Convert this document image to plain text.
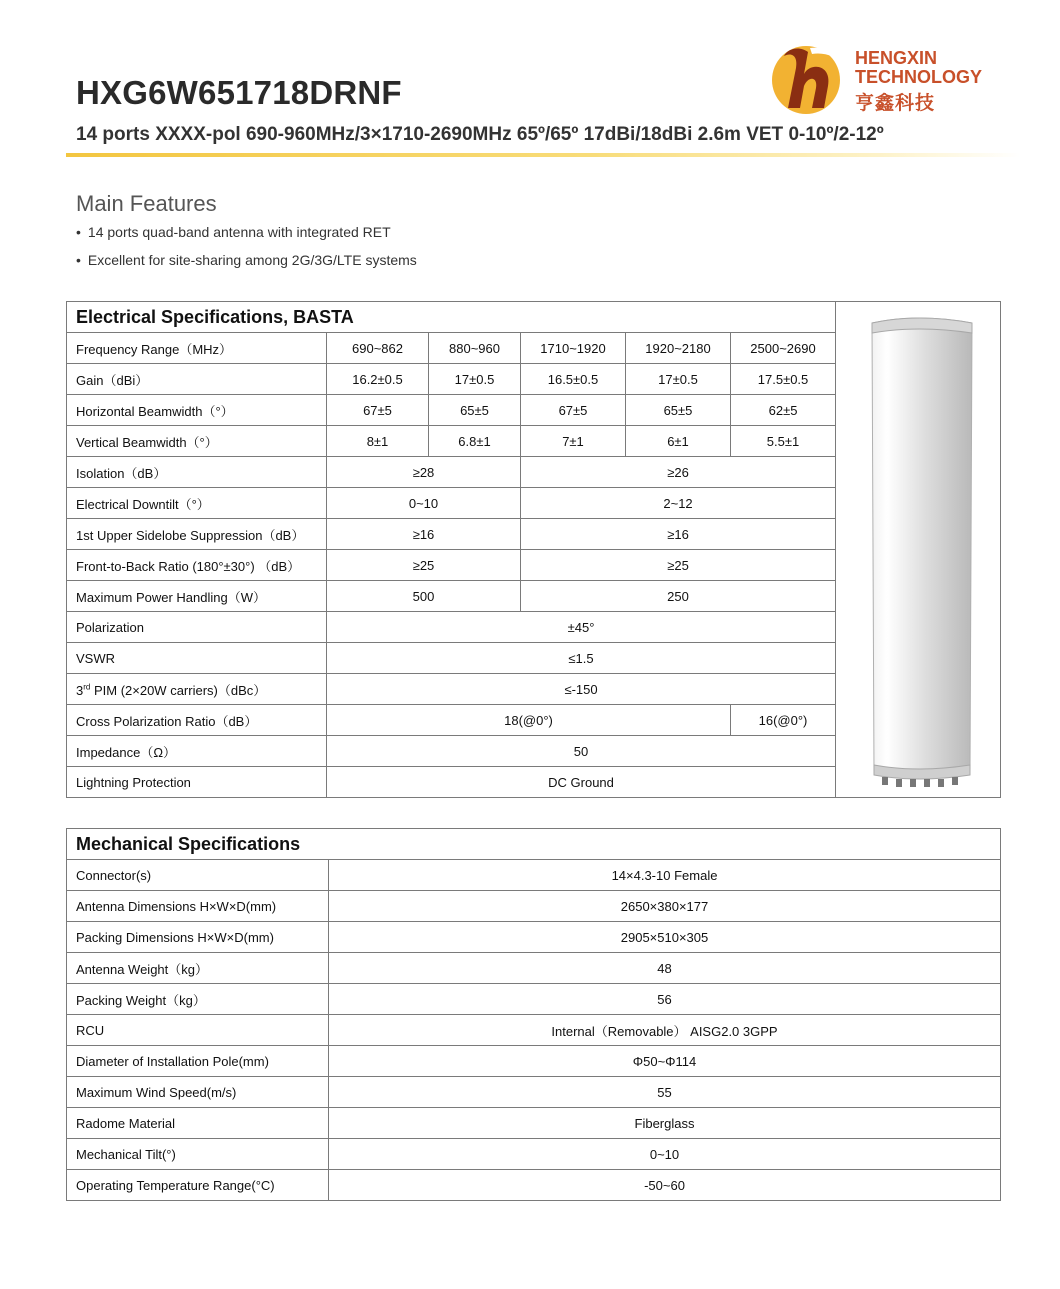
HXG6W651718DRNF
14 ports XXXX-pol 690-960MHz/3×1710-2690MHz 65º/65º 17dBi/18dBi 2.6m VET 0-10º/2-12º
HENGXIN
TECHNOLOGY
亨鑫科技
Main Features
• 14 ports quad-band antenna with integrated RET
• Excellent for site-sharing among 2G/3G/LTE systems
Electrical Specifications, BASTA	
Frequency Range（MHz）	690~862	880~960	1710~1920	1920~2180	2500~2690	
Gain（dBi）	16.2±0.5	17±0.5	16.5±0.5	17±0.5	17.5±0.5	
Horizontal Beamwidth（°）	67±5	65±5	67±5	65±5	62±5	
Vertical Beamwidth（°）	8±1	6.8±1	7±1	6±1	5.5±1	
Isolation（dB）	≥28		≥26			
Electrical Downtilt（°）	0~10		2~12			
1st Upper Sidelobe Suppression（dB）	≥16		≥16			
Front-to-Back Ratio (180°±30°) （dB）	≥25		≥25			
Maximum Power Handling（W）	500		250			
Polarization	±45°					
VSWR	≤1.5					
3rd PIM (2×20W carriers)（dBc）	≤-150					
Cross Polarization Ratio（dB）	18(@0°)				16(@0°)	
Impedance（Ω）	50					
Lightning Protection	DC Ground					
Mechanical Specifications	
Connector(s)	14×4.3-10 Female
Antenna Dimensions H×W×D(mm)	2650×380×177
Packing Dimensions H×W×D(mm)	2905×510×305
Antenna Weight（kg）	48
Packing Weight（kg）	56
RCU	Internal（Removable） AISG2.0 3GPP
Diameter of Installation Pole(mm)	Φ50~Φ114
Maximum Wind Speed(m/s)	55
Radome Material	Fiberglass
Mechanical Tilt(°)	0~10
Operating Temperature Range(°C)	-50~60
